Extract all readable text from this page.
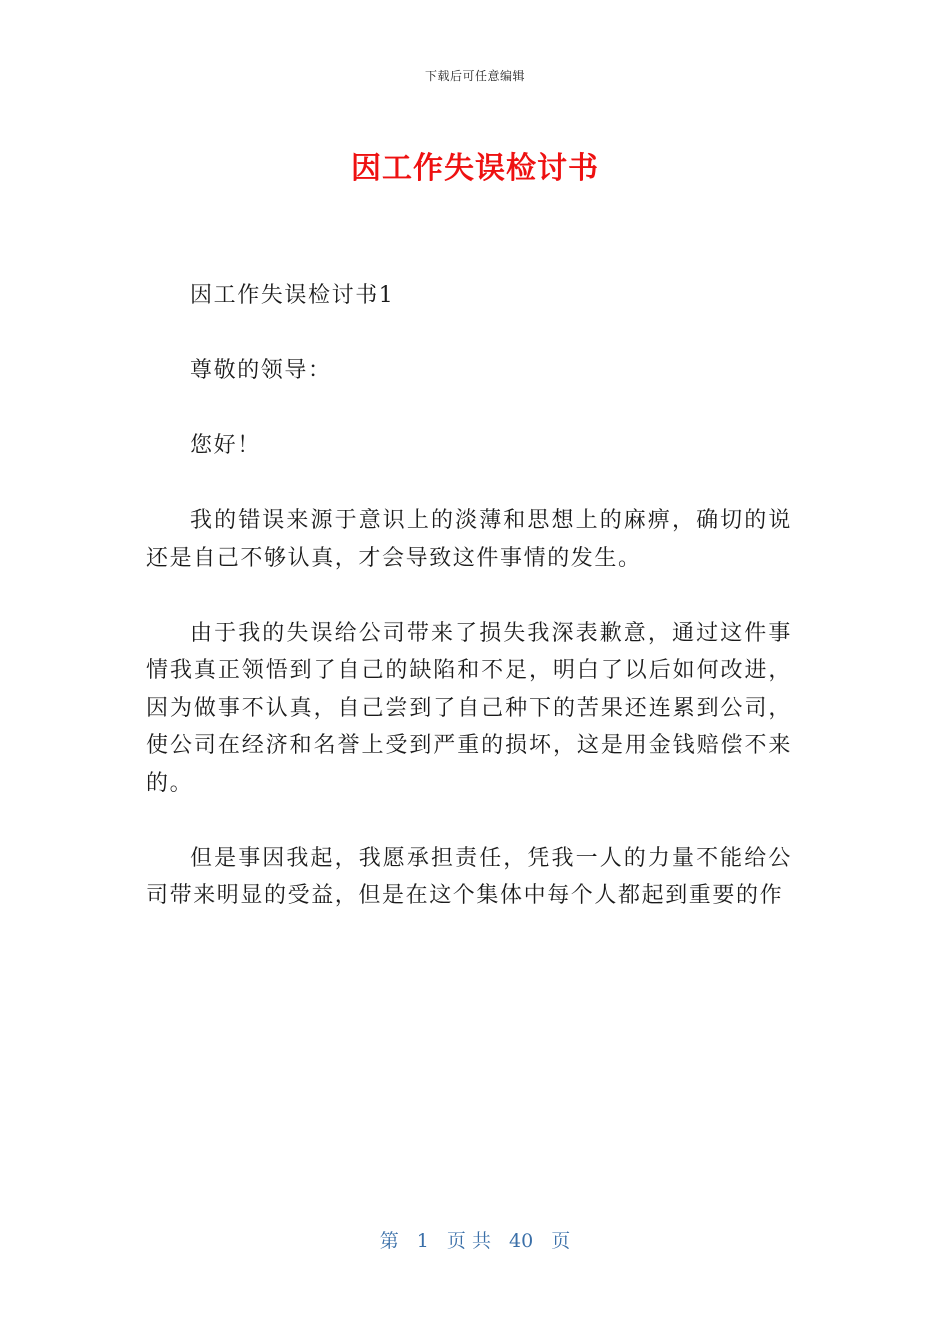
下载后可任意编辑
因工作失误检讨书

因工作失误检讨书1

尊敬的领导：

您好！

我的错误来源于意识上的淡薄和思想上的麻痹，确切的说还是自己不够认真，才会导致这件事情的发生。

由于我的失误给公司带来了损失我深表歉意，通过这件事情我真正领悟到了自己的缺陷和不足，明白了以后如何改进，因为做事不认真，自己尝到了自己种下的苦果还连累到公司，使公司在经济和名誉上受到严重的损坏，这是用金钱赔偿不来的。

但是事因我起，我愿承担责任，凭我一人的力量不能给公司带来明显的受益，但是在这个集体中每个人都起到重要的作

第 1 页 共 40 页
